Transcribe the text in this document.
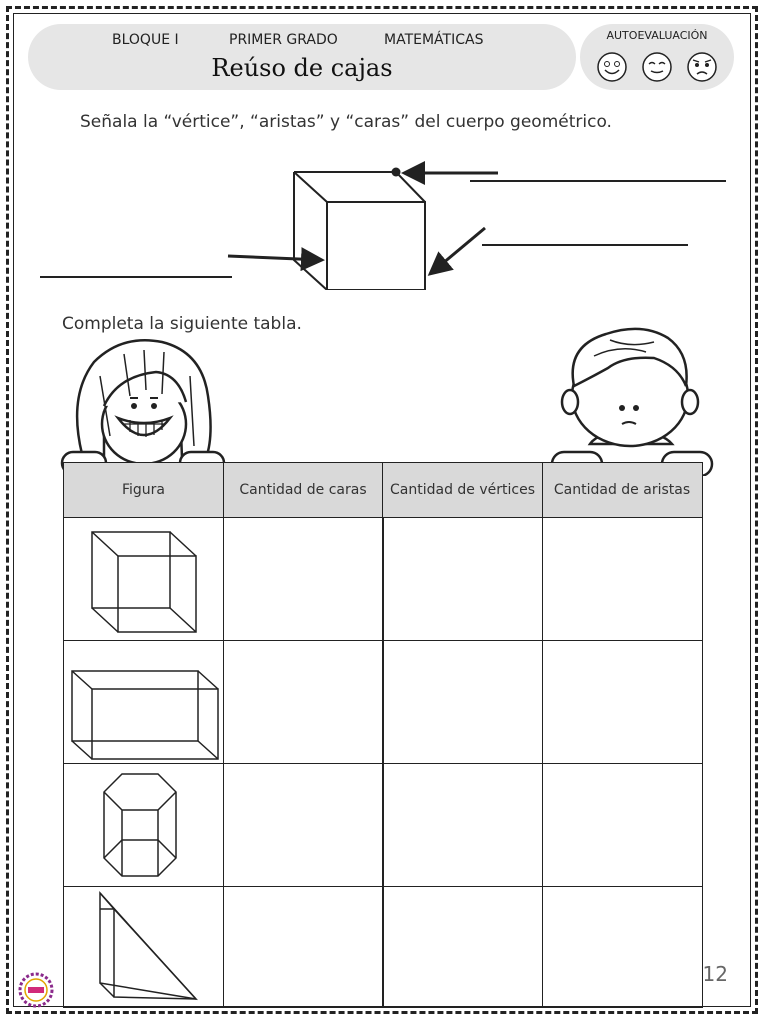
BLOQUE I	PRIMER GRADO	MATEMÁTICAS
Reúso de cajas
AUTOEVALUACIÓN
Señala la “vértice”, “aristas” y “caras” del cuerpo geométrico.
Completa la siguiente tabla.
Figura	Cantidad de caras	Cantidad de vértices	Cantidad de aristas
12
